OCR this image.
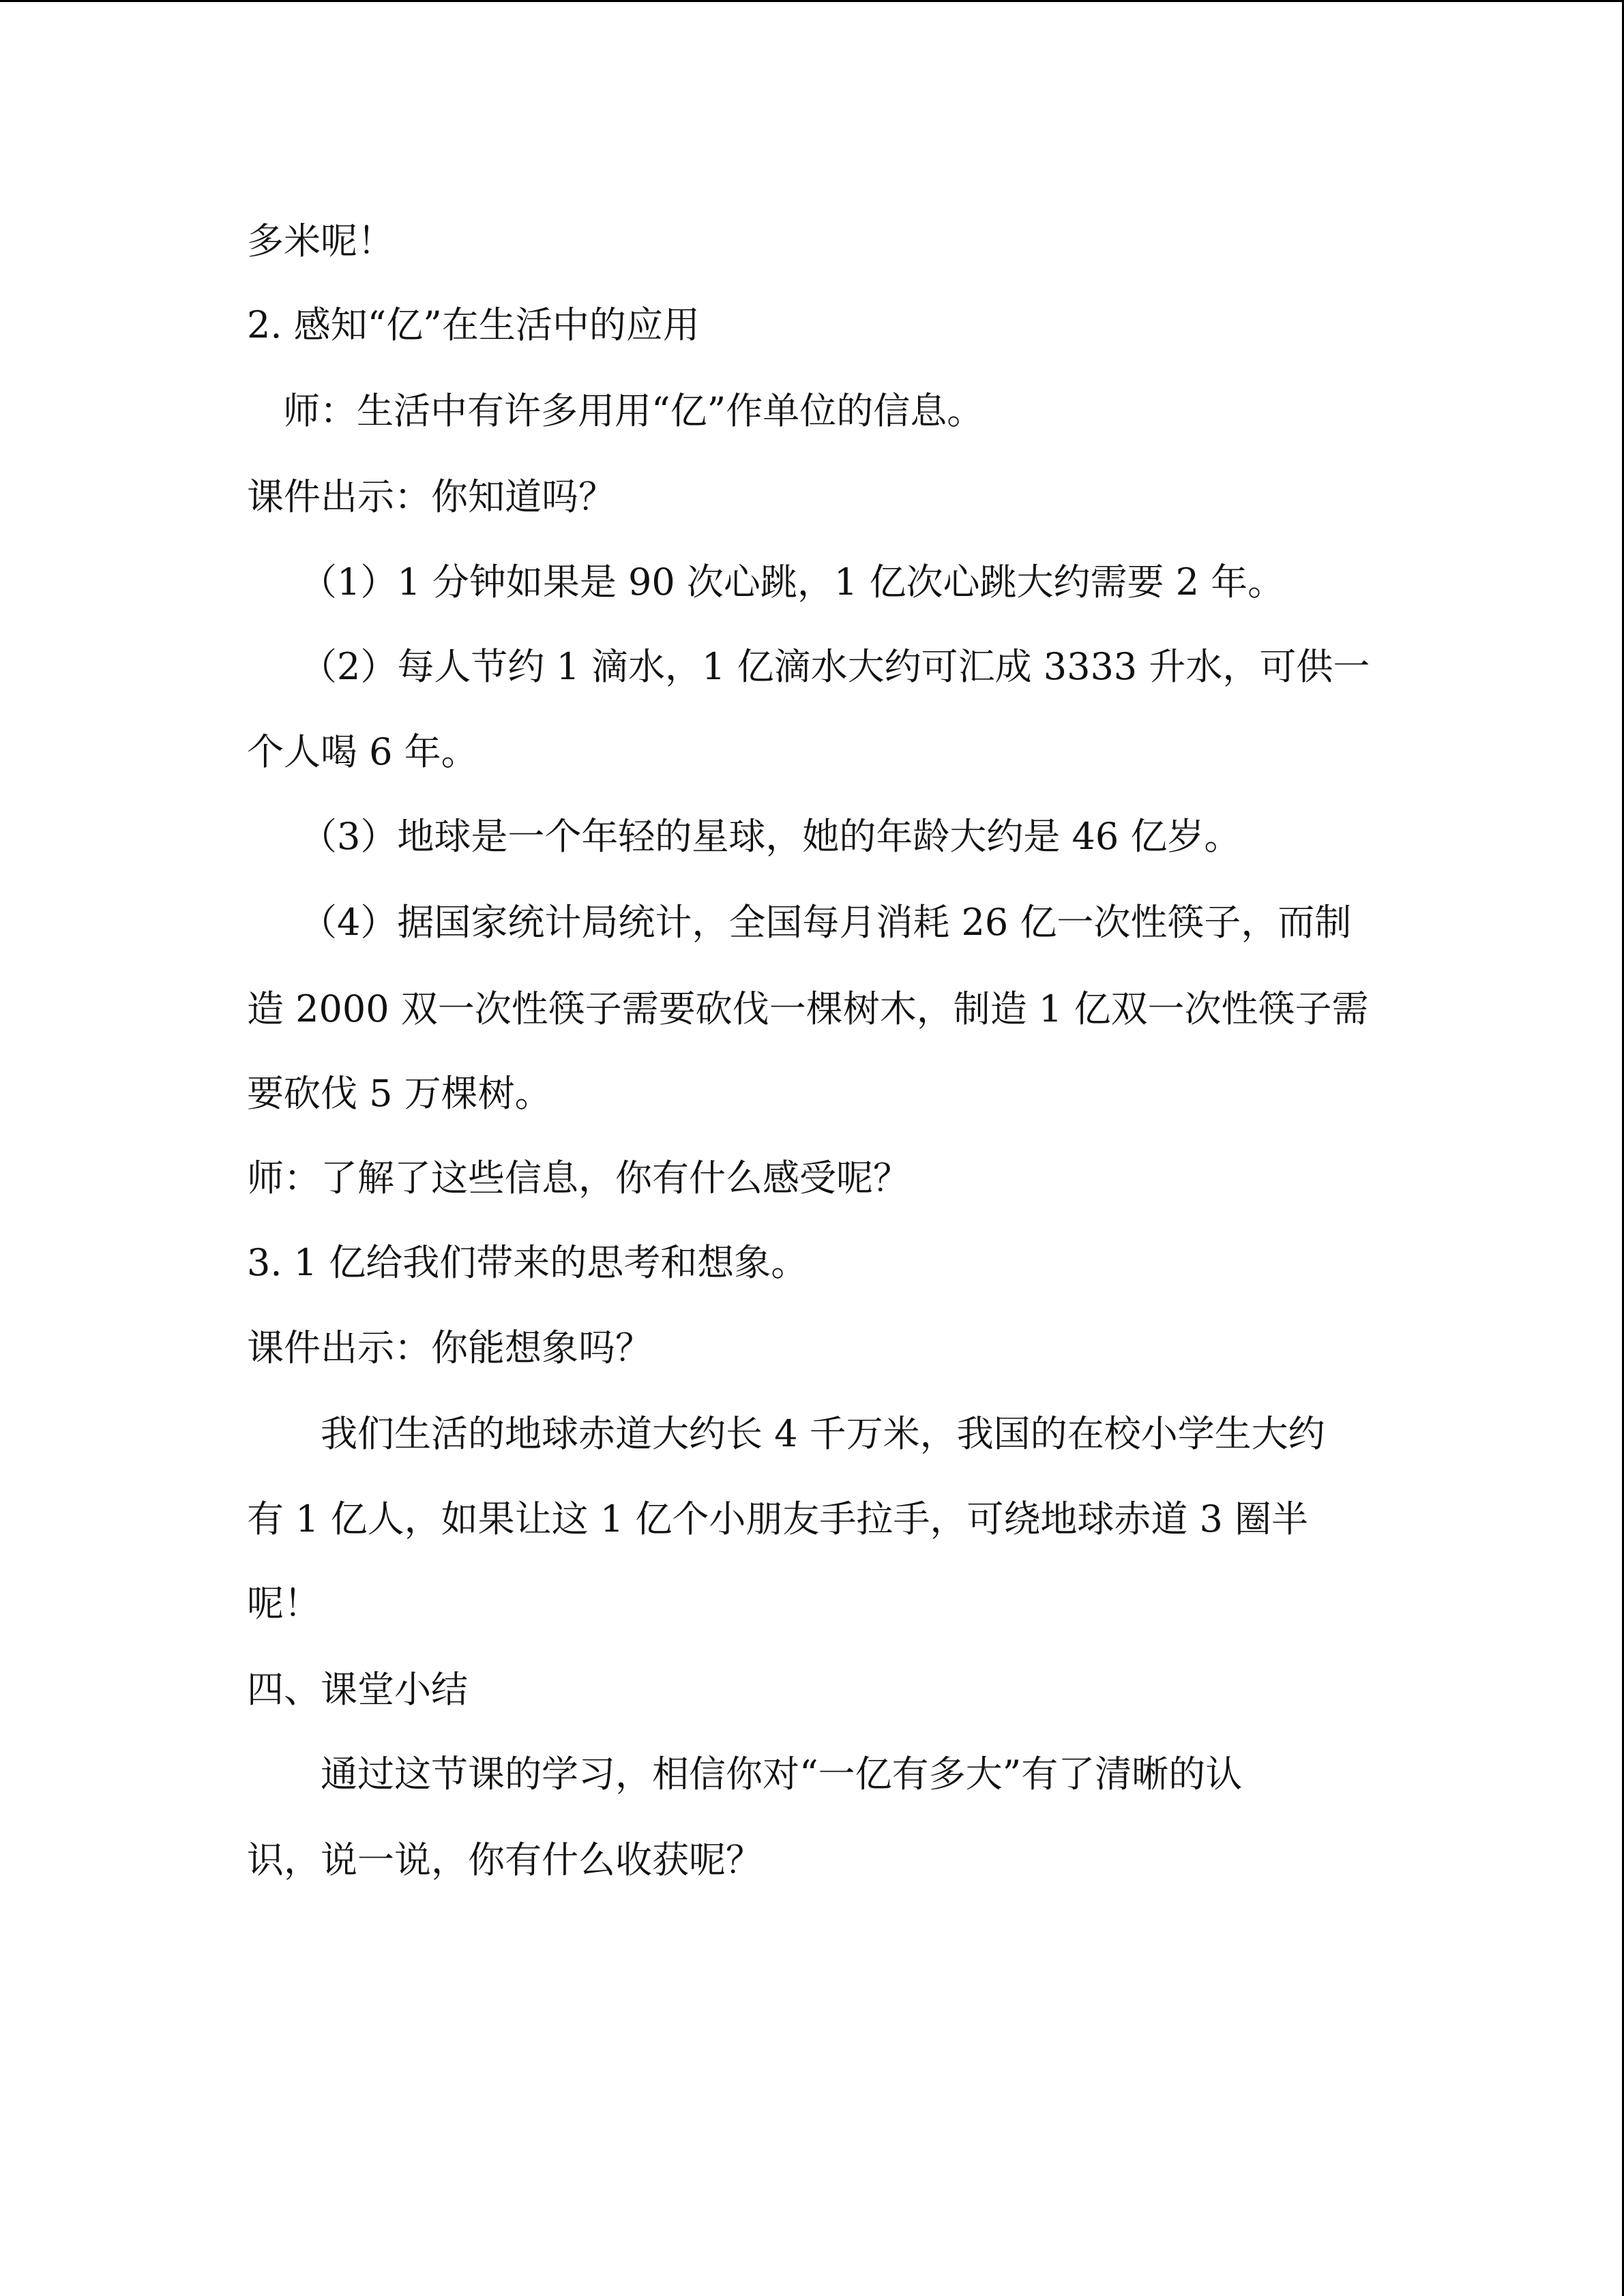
多米呢！

2. 感知“亿”在生活中的应用

师：生活中有许多用用“亿”作单位的信息。

课件出示：你知道吗？

（1）1 分钟如果是 90 次心跳，1 亿次心跳大约需要 2 年。

（2）每人节约 1 滴水，1 亿滴水大约可汇成 3333 升水，可供一

个人喝 6 年。

（3）地球是一个年轻的星球，她的年龄大约是 46 亿岁。

（4）据国家统计局统计，全国每月消耗 26 亿一次性筷子，而制

造 2000 双一次性筷子需要砍伐一棵树木，制造 1 亿双一次性筷子需

要砍伐 5 万棵树。

师：了解了这些信息，你有什么感受呢？

3. 1 亿给我们带来的思考和想象。

课件出示：你能想象吗？

我们生活的地球赤道大约长 4 千万米，我国的在校小学生大约

有 1 亿人，如果让这 1 亿个小朋友手拉手，可绕地球赤道 3 圈半

呢！

四、课堂小结

通过这节课的学习，相信你对“一亿有多大”有了清晰的认

识，说一说，你有什么收获呢？
